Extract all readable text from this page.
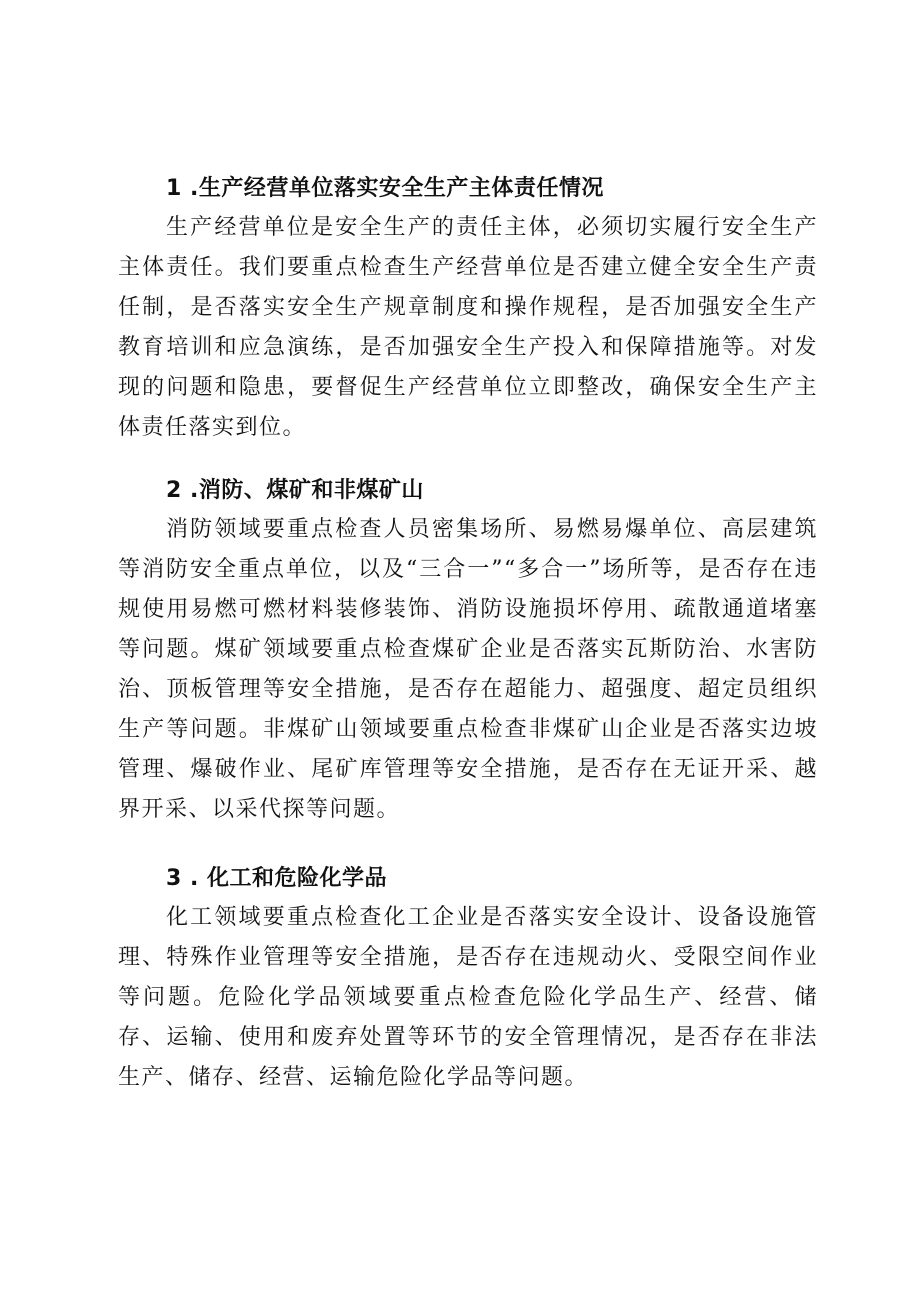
1 .生产经营单位落实安全生产主体责任情况

生产经营单位是安全生产的责任主体，必须切实履行安全生产主体责任。我们要重点检查生产经营单位是否建立健全安全生产责任制，是否落实安全生产规章制度和操作规程，是否加强安全生产教育培训和应急演练，是否加强安全生产投入和保障措施等。对发现的问题和隐患，要督促生产经营单位立即整改，确保安全生产主体责任落实到位。

2 .消防、煤矿和非煤矿山

消防领域要重点检查人员密集场所、易燃易爆单位、高层建筑等消防安全重点单位，以及“三合一”“多合一”场所等，是否存在违规使用易燃可燃材料装修装饰、消防设施损坏停用、疏散通道堵塞等问题。煤矿领域要重点检查煤矿企业是否落实瓦斯防治、水害防治、顶板管理等安全措施，是否存在超能力、超强度、超定员组织生产等问题。非煤矿山领域要重点检查非煤矿山企业是否落实边坡管理、爆破作业、尾矿库管理等安全措施，是否存在无证开采、越界开采、以采代探等问题。

3 . 化工和危险化学品

化工领域要重点检查化工企业是否落实安全设计、设备设施管理、特殊作业管理等安全措施，是否存在违规动火、受限空间作业等问题。危险化学品领域要重点检查危险化学品生产、经营、储存、运输、使用和废弃处置等环节的安全管理情况，是否存在非法生产、储存、经营、运输危险化学品等问题。
